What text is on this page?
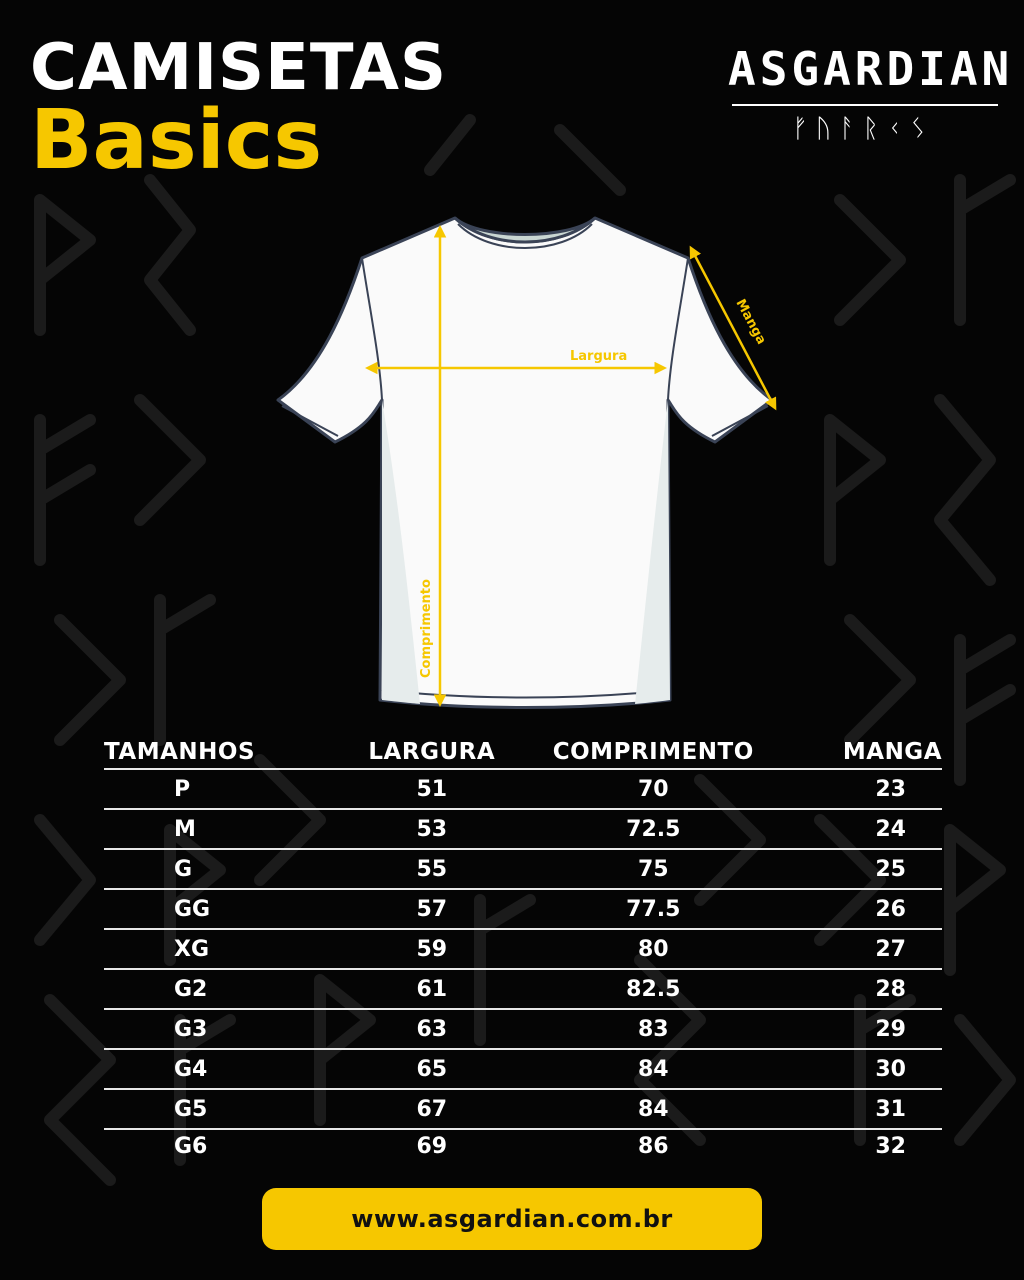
CAMISETAS
Basics
ASGARDIAN
ᚠᚢᚨᚱᚲᛊ
Comprimento
Largura
Manga
TAMANHOS	LARGURA	COMPRIMENTO	MANGA
P	51	70	23
M	53	72.5	24
G	55	75	25
GG	57	77.5	26
XG	59	80	27
G2	61	82.5	28
G3	63	83	29
G4	65	84	30
G5	67	84	31
G6	69	86	32
www.asgardian.com.br
